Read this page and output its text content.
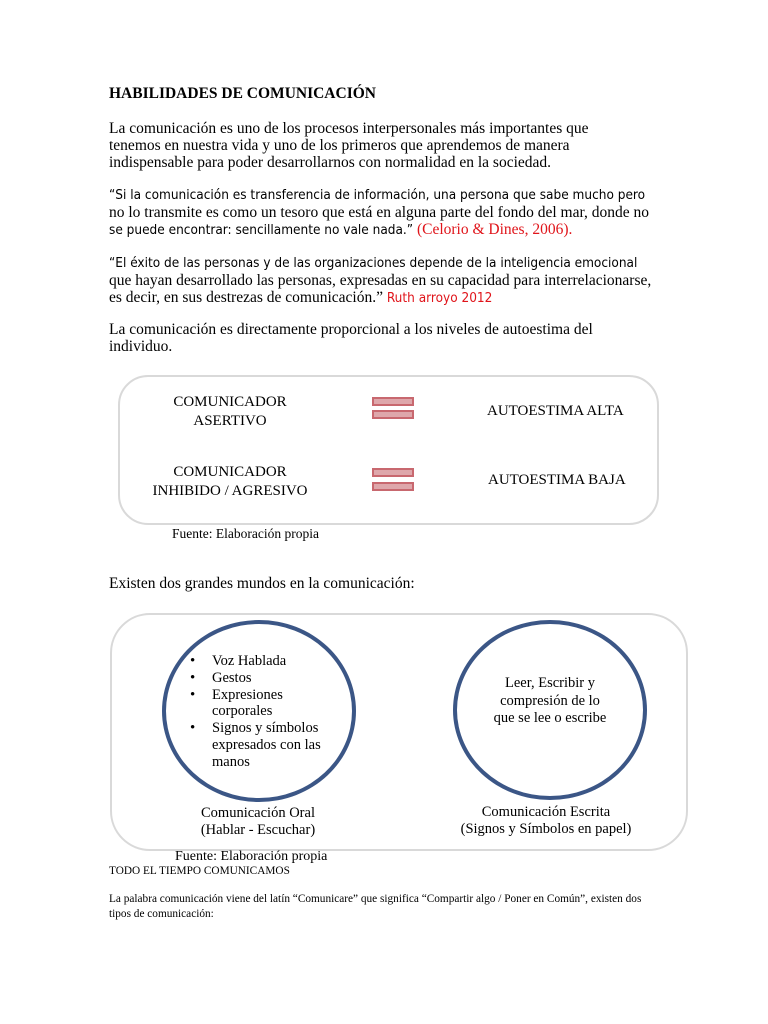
HABILIDADES DE COMUNICACIÓN

La comunicación es uno de los procesos interpersonales más importantes que tenemos en nuestra vida y uno de los primeros que aprendemos de manera indispensable para poder desarrollarnos con normalidad en la sociedad.

“Si la comunicación es transferencia de información, una persona que sabe mucho pero
no lo transmite es como un tesoro que está en alguna parte del fondo del mar, donde no
se puede encontrar: sencillamente no vale nada.” (Celorio & Dines, 2006).
“El éxito de las personas y de las organizaciones depende de la inteligencia emocional
que hayan desarrollado las personas, expresadas en su capacidad para interrelacionarse,
es decir, en sus destrezas de comunicación.” Ruth arroyo 2012

La comunicación es directamente proporcional a los niveles de autoestima del individuo.

COMUNICADOR
ASERTIVO
AUTOESTIMA ALTA
COMUNICADOR
INHIBIDO / AGRESIVO
AUTOESTIMA BAJA
Fuente: Elaboración propia

Existen dos grandes mundos en la comunicación:

• Voz Hablada
• Gestos
• Expresiones corporales
• Signos y símbolos expresados con las manos
Comunicación Oral
(Hablar - Escuchar)
Leer, Escribir y compresión de lo que se lee o escribe
Comunicación Escrita
(Signos y Símbolos en papel)
Fuente: Elaboración propia
TODO EL TIEMPO COMUNICAMOS
La palabra comunicación viene del latín “Comunicare” que significa “Compartir algo / Poner en Común”, existen dos
tipos de comunicación:
